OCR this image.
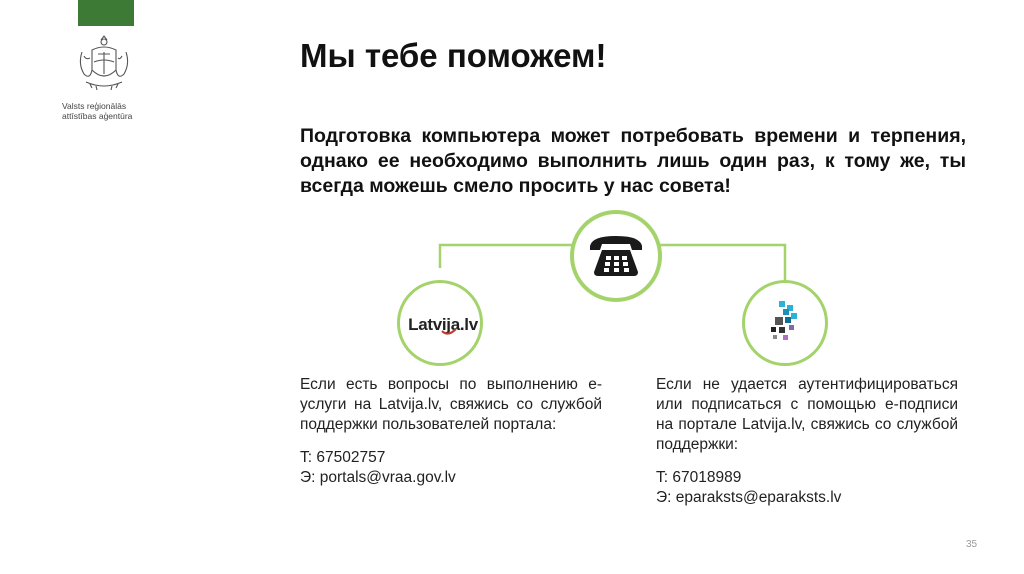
Valsts reģionālās
attīstības aģentūra
Мы тебе поможем!
Подготовка компьютера может потребовать времени и терпения, однако ее необходимо выполнить лишь один раз, к тому же, ты всегда можешь смело просить у нас совета!
Latvija.lv
Если есть вопросы по выполнению е-услуги на Latvija.lv, свяжись со службой поддержки пользователей портала:
T: 67502757
Э: portals@vraa.gov.lv
Если не удается аутентифицироваться или подписаться с помощью е-подписи на портале Latvija.lv, свяжись со службой поддержки:
T: 67018989
Э: eparaksts@eparaksts.lv
35
